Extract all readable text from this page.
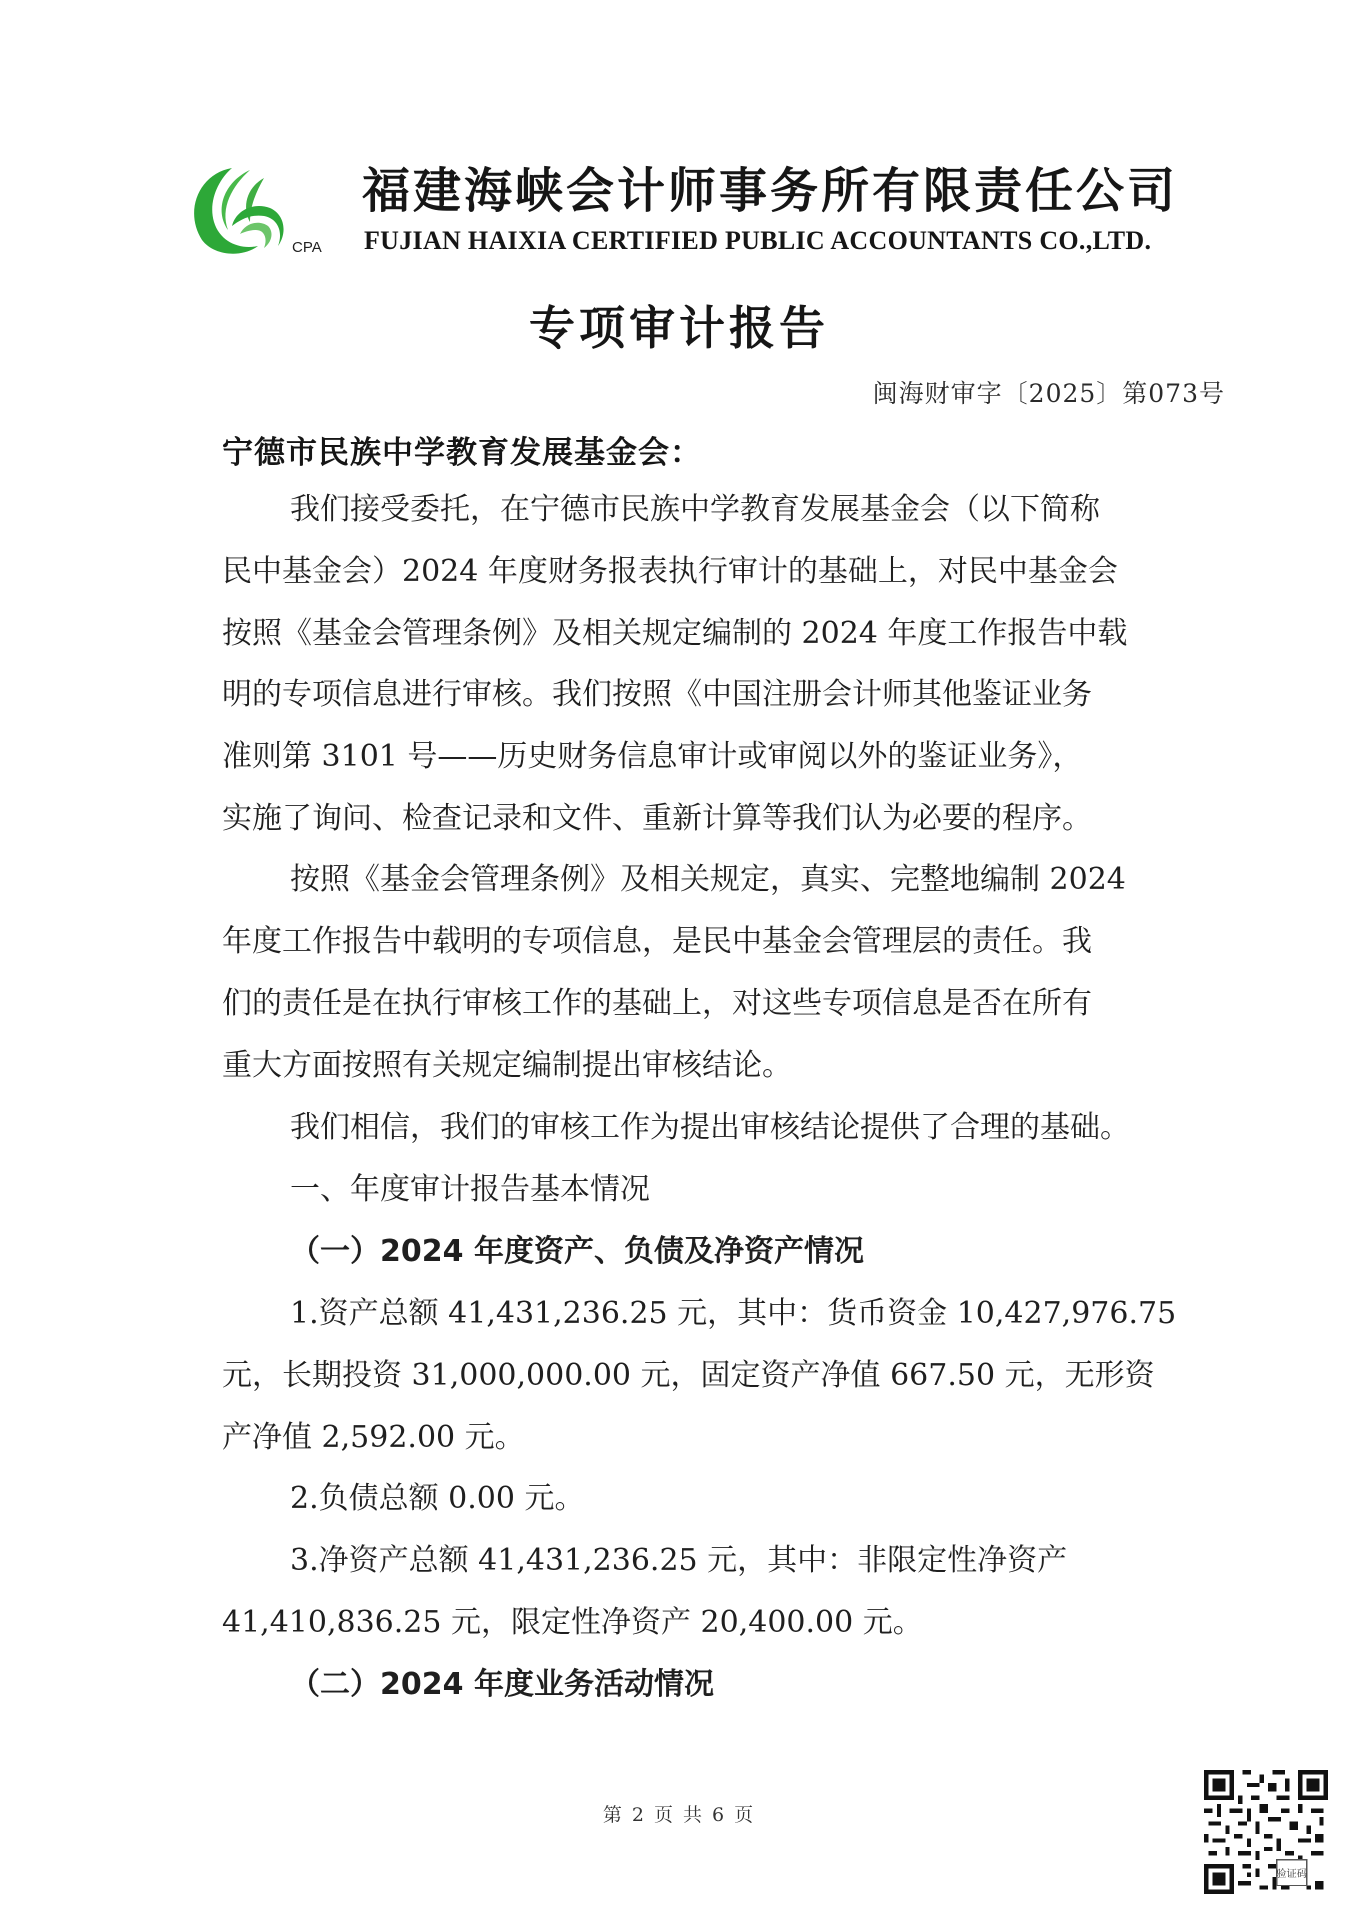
CPA
福建海峡会计师事务所有限责任公司
FUJIAN HAIXIA CERTIFIED PUBLIC ACCOUNTANTS CO.,LTD.
专项审计报告
闽海财审字〔2025〕第073号
宁德市民族中学教育发展基金会：
我们接受委托，在宁德市民族中学教育发展基金会（以下简称
民中基金会）2024 年度财务报表执行审计的基础上，对民中基金会
按照《基金会管理条例》及相关规定编制的 2024 年度工作报告中载
明的专项信息进行审核。我们按照《中国注册会计师其他鉴证业务
准则第 3101 号——历史财务信息审计或审阅以外的鉴证业务》，
实施了询问、检查记录和文件、重新计算等我们认为必要的程序。
按照《基金会管理条例》及相关规定，真实、完整地编制 2024
年度工作报告中载明的专项信息，是民中基金会管理层的责任。我
们的责任是在执行审核工作的基础上，对这些专项信息是否在所有
重大方面按照有关规定编制提出审核结论。
我们相信，我们的审核工作为提出审核结论提供了合理的基础。
一、年度审计报告基本情况
（一）2024 年度资产、负债及净资产情况
1.资产总额 41,431,236.25 元，其中：货币资金 10,427,976.75
元，长期投资 31,000,000.00 元，固定资产净值 667.50 元，无形资
产净值 2,592.00 元。
2.负债总额 0.00 元。
3.净资产总额 41,431,236.25 元，其中：非限定性净资产
41,410,836.25 元，限定性净资产 20,400.00 元。
（二）2024 年度业务活动情况
第 2 页 共 6 页
验证码
